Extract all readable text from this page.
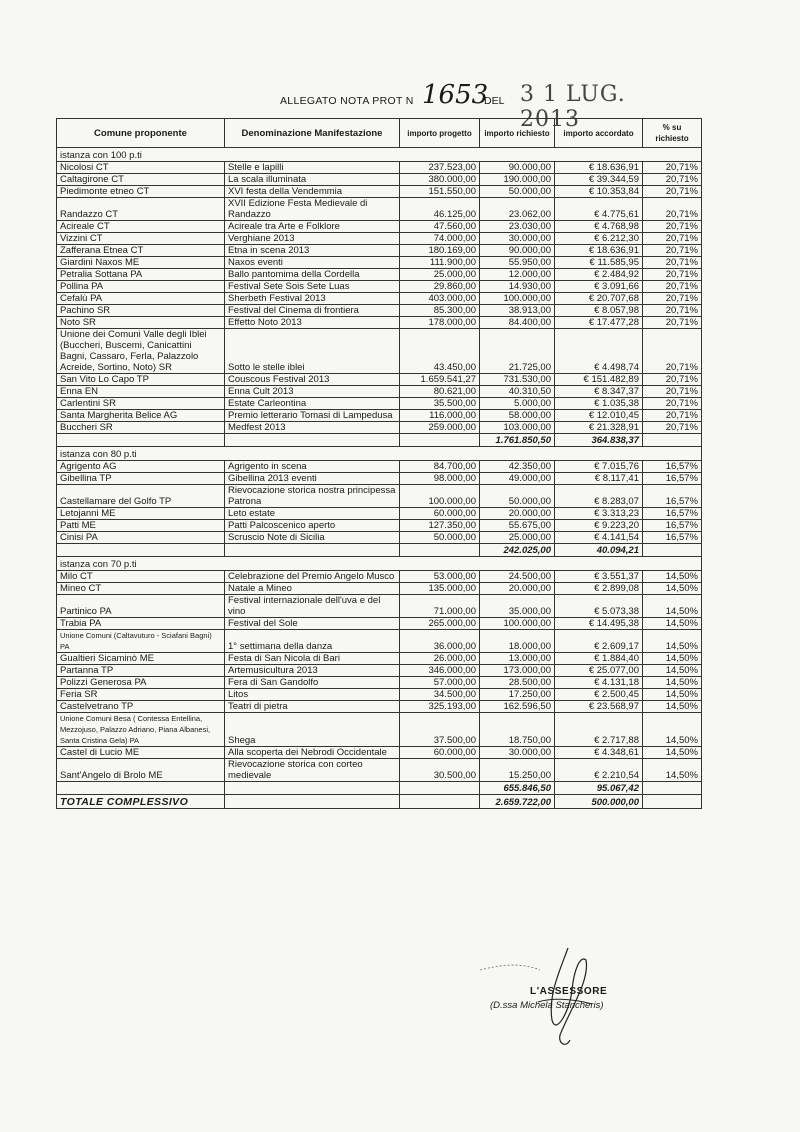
ALLEGATO NOTA PROT N 1653
DEL 3 1 LUG. 2013
Comune proponente	Denominazione Manifestazione	importo progetto	importo richiesto	importo accordato	% su richiesto
istanza con 100 p.ti					
Nicolosi CT	Stelle e lapilli	237.523,00	90.000,00	€ 18.636,91	20,71%
Caltagirone CT	La scala illuminata	380.000,00	190.000,00	€ 39.344,59	20,71%
Piedimonte etneo CT	XVI festa della Vendemmia	151.550,00	50.000,00	€ 10.353,84	20,71%
Randazzo CT	XVII Edizione Festa Medievale di Randazzo	46.125,00	23.062,00	€ 4.775,61	20,71%
Acireale CT	Acireale tra Arte e Folklore	47.560,00	23.030,00	€ 4.768,98	20,71%
Vizzini CT	Verghiane 2013	74.000,00	30.000,00	€ 6.212,30	20,71%
Zafferana Etnea CT	Etna in scena 2013	180.169,00	90.000,00	€ 18.636,91	20,71%
Giardini Naxos ME	Naxos eventi	111.900,00	55.950,00	€ 11.585,95	20,71%
Petralia Sottana PA	Ballo pantomima della Cordella	25.000,00	12.000,00	€ 2.484,92	20,71%
Pollina PA	Festival Sete Sois Sete Luas	29.860,00	14.930,00	€ 3.091,66	20,71%
Cefalù PA	Sherbeth Festival 2013	403.000,00	100.000,00	€ 20.707,68	20,71%
Pachino SR	Festival del Cinema di frontiera	85.300,00	38.913,00	€ 8.057,98	20,71%
Noto SR	Effetto Noto 2013	178.000,00	84.400,00	€ 17.477,28	20,71%
Unione dei Comuni Valle degli Iblei (Buccheri, Buscemi, Canicattini Bagni, Cassaro, Ferla, Palazzolo Acreide, Sortino, Noto) SR	Sotto le stelle iblei	43.450,00	21.725,00	€ 4.498,74	20,71%
San Vito Lo Capo TP	Couscous Festival 2013	1.659.541,27	731.530,00	€ 151.482,89	20,71%
Enna EN	Enna Cult 2013	80.621,00	40.310,50	€ 8.347,37	20,71%
Carlentini SR	Estate Carleontina	35.500,00	5.000,00	€ 1.035,38	20,71%
Santa Margherita Belice AG	Premio letterario Tomasi di Lampedusa	116.000,00	58.000,00	€ 12.010,45	20,71%
Buccheri SR	Medfest 2013	259.000,00	103.000,00	€ 21.328,91	20,71%
			1.761.850,50	364.838,37	
istanza con 80 p.ti					
Agrigento AG	Agrigento in scena	84.700,00	42.350,00	€ 7.015,76	16,57%
Gibellina TP	Gibellina 2013 eventi	98.000,00	49.000,00	€ 8.117,41	16,57%
Castellamare del Golfo TP	Rievocazione storica nostra principessa Patrona	100.000,00	50.000,00	€ 8.283,07	16,57%
Letojanni ME	Leto estate	60.000,00	20.000,00	€ 3.313,23	16,57%
Patti ME	Patti Palcoscenico aperto	127.350,00	55.675,00	€ 9.223,20	16,57%
Cinisi PA	Scruscio Note di Sicilia	50.000,00	25.000,00	€ 4.141,54	16,57%
			242.025,00	40.094,21	
istanza con 70 p.ti					
Milo CT	Celebrazione del Premio Angelo Musco	53.000,00	24.500,00	€ 3.551,37	14,50%
Mineo CT	Natale a Mineo	135.000,00	20.000,00	€ 2.899,08	14,50%
Partinico PA	Festival internazionale dell'uva e del vino	71.000,00	35.000,00	€ 5.073,38	14,50%
Trabia PA	Festival del Sole	265.000,00	100.000,00	€ 14.495,38	14,50%
Unione Comuni (Caltavuturo - Sciafani Bagni) PA	1° settimana della danza	36.000,00	18.000,00	€ 2.609,17	14,50%
Gualtieri Sicaminò ME	Festa di San Nicola di Bari	26.000,00	13.000,00	€ 1.884,40	14,50%
Partanna TP	Artemusicultura 2013	346.000,00	173.000,00	€ 25.077,00	14,50%
Polizzi Generosa PA	Fera di San Gandolfo	57.000,00	28.500,00	€ 4.131,18	14,50%
Feria SR	Litos	34.500,00	17.250,00	€ 2.500,45	14,50%
Castelvetrano TP	Teatri di pietra	325.193,00	162.596,50	€ 23.568,97	14,50%
Unione Comuni Besa ( Contessa Entellina, Mezzojuso, Palazzo Adriano, Piana Albanesi, Santa Cristina Gela) PA	Shega	37.500,00	18.750,00	€ 2.717,88	14,50%
Castel di Lucio ME	Alla scoperta dei Nebrodi Occidentale	60.000,00	30.000,00	€ 4.348,61	14,50%
Sant'Angelo di Brolo ME	Rievocazione storica con corteo medievale	30.500,00	15.250,00	€ 2.210,54	14,50%
			655.846,50	95.067,42	
TOTALE COMPLESSIVO			2.659.722,00	500.000,00	
L'ASSESSORE
(D.ssa Michela Stancheris)
